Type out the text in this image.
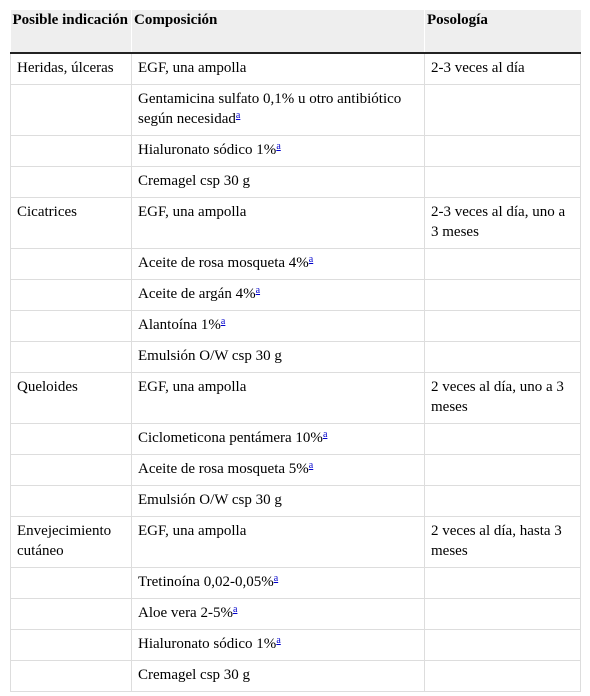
Posible indicación	Composición	Posología

Heridas, úlceras	EGF, una ampolla	2-3 veces al día

	Gentamicina sulfato 0,1% u otro antibiótico según necesidad$^a$

	Hialuronato sódico 1%$^a$

	Cremagel csp 30 g	

Cicatrices	EGF, una ampolla	2-3 veces al día, uno a 3 meses

	Aceite de rosa mosqueta 4%$^a$

	Aceite de argán 4%$^a$

	Alantoína 1%$^a$

	Emulsión O/W csp 30 g	

Queloides	EGF, una ampolla	2 veces al día, uno a 3 meses

	Ciclometicona pentámera 10%$^a$

	Aceite de rosa mosqueta 5%$^a$

	Emulsión O/W csp 30 g	

Envejecimiento cutáneo	EGF, una ampolla	2 veces al día, hasta 3 meses

	Tretinoína 0,02-0,05%$^a$

	Aloe vera 2-5%$^a$

	Hialuronato sódico 1%$^a$

	Cremagel csp 30 g	
